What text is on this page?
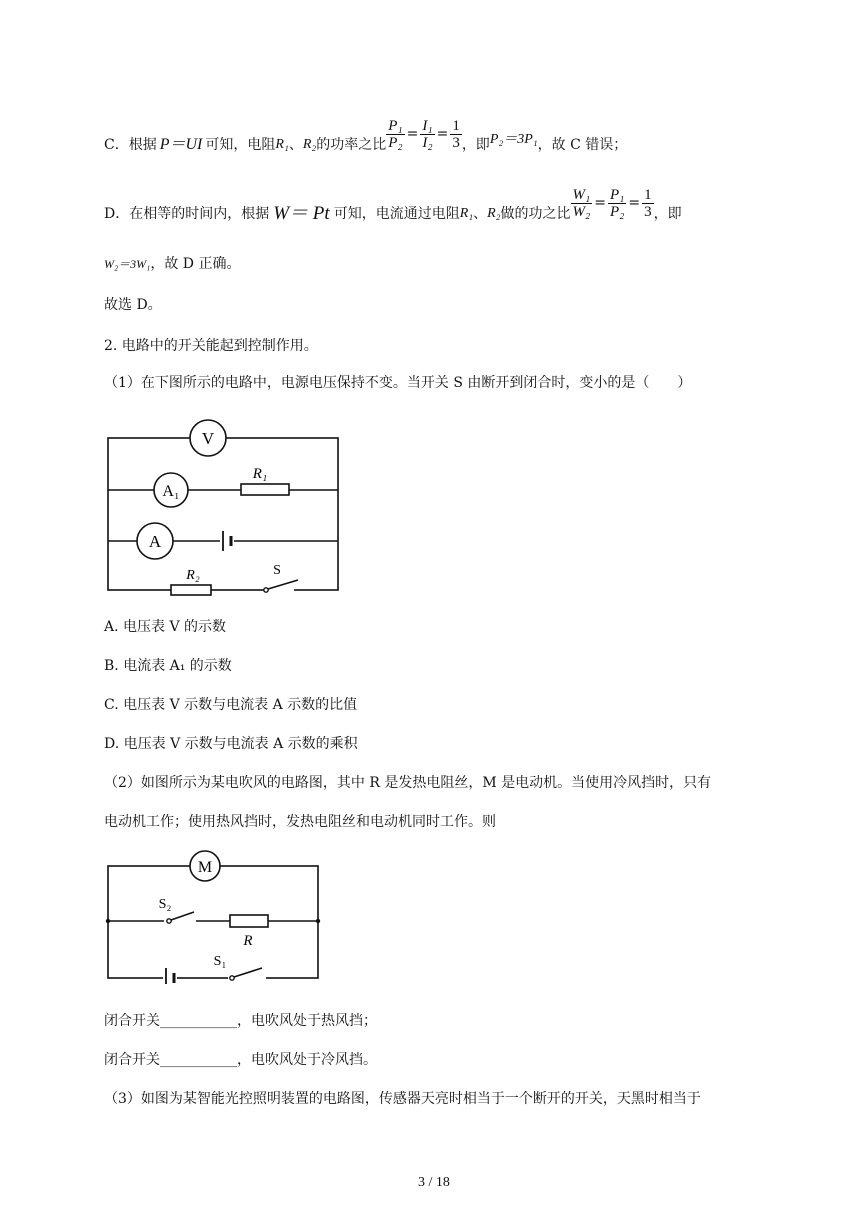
C．根据 P＝UI 可知，电阻 R₁ 、 R₂ 的功率之比 $\frac{\text{P₁}}{\text{P₂}} = \frac{\text{I₁}}{\text{I₂}} = \frac{1}{3}$ ，即 P₂＝3P₁ ，故 C 错误；
D．在相等的时间内，根据 W＝ Pt 可知，电流通过电阻 R₁ 、 R₂ 做的功之比 $\frac{\text{W₁}}{\text{W₂}} = \frac{\text{P₁}}{\text{P₂}} = \frac{1}{3}$ ，即
W₂＝3W₁，故 D 正确。
故选 D。
2. 电路中的开关能起到控制作用。
（1）在下图所示的电路中，电源电压保持不变。当开关 S 由断开到闭合时，变小的是（　　）
V
A₁
R₁
A
R₂	S
A. 电压表 V 的示数
B. 电流表 A₁ 的示数
C. 电压表 V 示数与电流表 A 示数的比值
D. 电压表 V 示数与电流表 A 示数的乘积
（2）如图所示为某电吹风的电路图，其中 R 是发热电阻丝，M 是电动机。当使用冷风挡时，只有
电动机工作；使用热风挡时，发热电阻丝和电动机同时工作。则
M
S₂
R
S₁
闭合开关___________，电吹风处于热风挡；
闭合开关___________，电吹风处于冷风挡。
（3）如图为某智能光控照明装置的电路图，传感器天亮时相当于一个断开的开关，天黑时相当于
3 / 18
